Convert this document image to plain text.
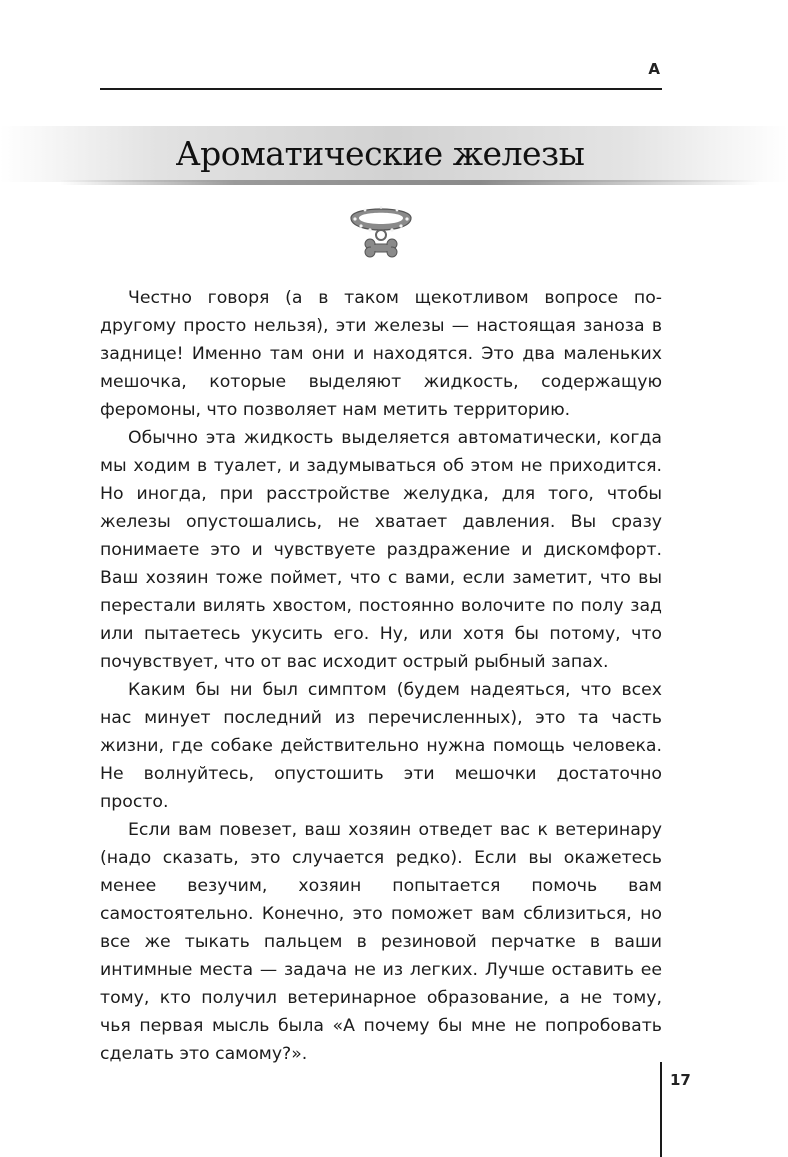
А
Ароматические железы

Честно говоря (а в таком щекотливом вопросе по-другому просто нельзя), эти железы — настоящая заноза в заднице! Именно там они и находятся. Это два маленьких мешочка, которые выделяют жидкость, содержащую феромоны, что позволяет нам метить территорию.

Обычно эта жидкость выделяется автоматически, когда мы ходим в туалет, и задумываться об этом не приходится. Но иногда, при расстройстве желудка, для того, чтобы железы опустошались, не хватает давления. Вы сразу понимаете это и чувствуете раздражение и дискомфорт. Ваш хозяин тоже поймет, что с вами, если заметит, что вы перестали вилять хвостом, постоянно волочите по полу зад или пытаетесь укусить его. Ну, или хотя бы потому, что почувствует, что от вас исходит острый рыбный запах.

Каким бы ни был симптом (будем надеяться, что всех нас минует последний из перечисленных), это та часть жизни, где собаке действительно нужна помощь человека. Не волнуйтесь, опустошить эти мешочки достаточно просто.

Если вам повезет, ваш хозяин отведет вас к ветеринару (надо сказать, это случается редко). Если вы окажетесь менее везучим, хозяин попытается помочь вам самостоятельно. Конечно, это поможет вам сблизиться, но все же тыкать пальцем в резиновой перчатке в ваши интимные места — задача не из легких. Лучше оставить ее тому, кто получил ветеринарное образование, а не тому, чья первая мысль была «А почему бы мне не попробовать сделать это самому?».

17
